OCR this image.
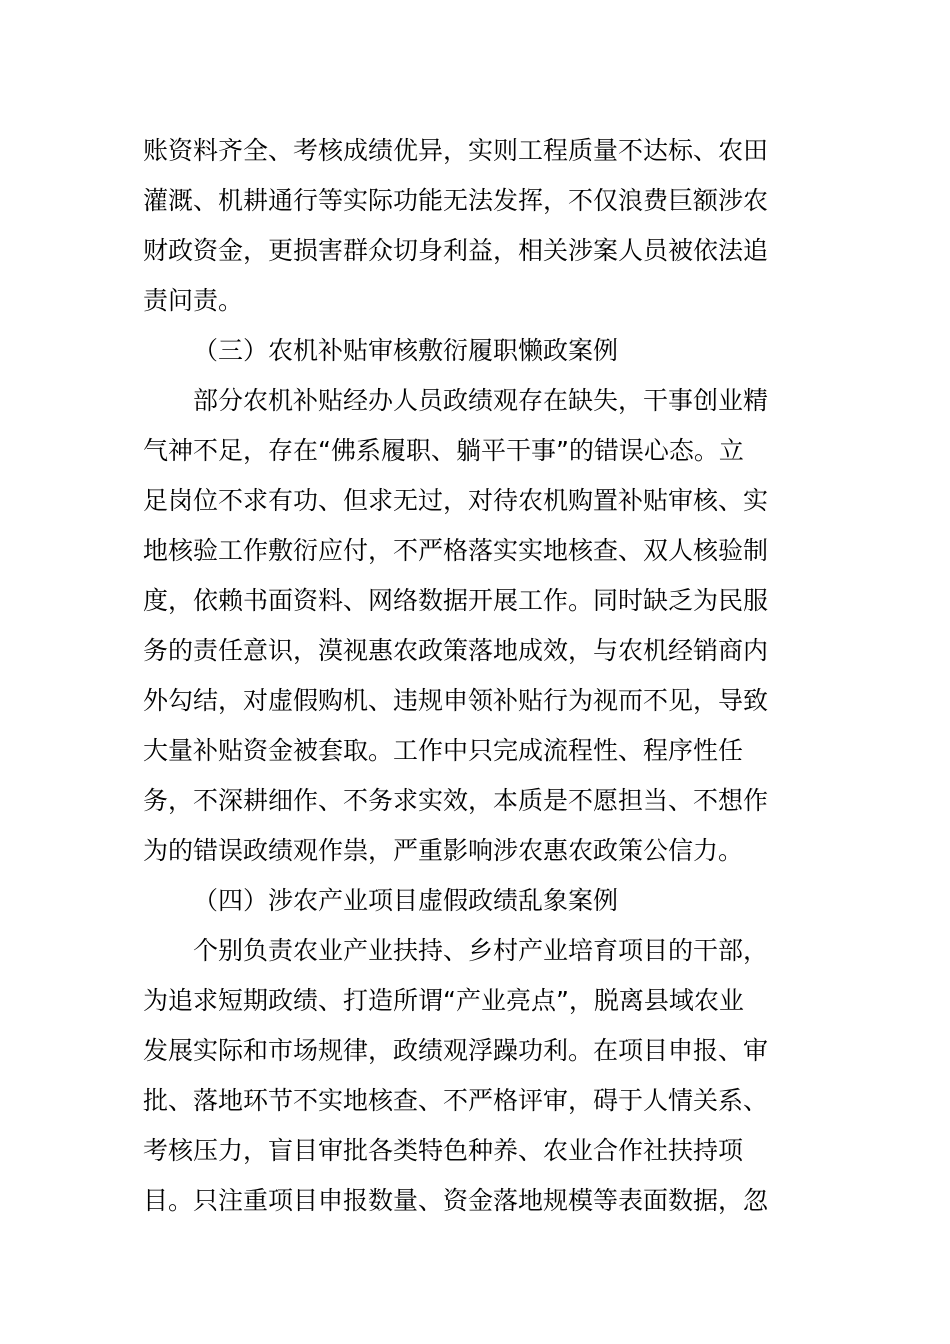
账资料齐全、考核成绩优异，实则工程质量不达标、农田
灌溉、机耕通行等实际功能无法发挥，不仅浪费巨额涉农
财政资金，更损害群众切身利益，相关涉案人员被依法追
责问责。
（三）农机补贴审核敷衍履职懒政案例
部分农机补贴经办人员政绩观存在缺失，干事创业精
气神不足，存在“佛系履职、躺平干事”的错误心态。立
足岗位不求有功、但求无过，对待农机购置补贴审核、实
地核验工作敷衍应付，不严格落实实地核查、双人核验制
度，依赖书面资料、网络数据开展工作。同时缺乏为民服
务的责任意识，漠视惠农政策落地成效，与农机经销商内
外勾结，对虚假购机、违规申领补贴行为视而不见，导致
大量补贴资金被套取。工作中只完成流程性、程序性任
务，不深耕细作、不务求实效，本质是不愿担当、不想作
为的错误政绩观作祟，严重影响涉农惠农政策公信力。
（四）涉农产业项目虚假政绩乱象案例
个别负责农业产业扶持、乡村产业培育项目的干部，
为追求短期政绩、打造所谓“产业亮点”，脱离县域农业
发展实际和市场规律，政绩观浮躁功利。在项目申报、审
批、落地环节不实地核查、不严格评审，碍于人情关系、
考核压力，盲目审批各类特色种养、农业合作社扶持项
目。只注重项目申报数量、资金落地规模等表面数据，忽
